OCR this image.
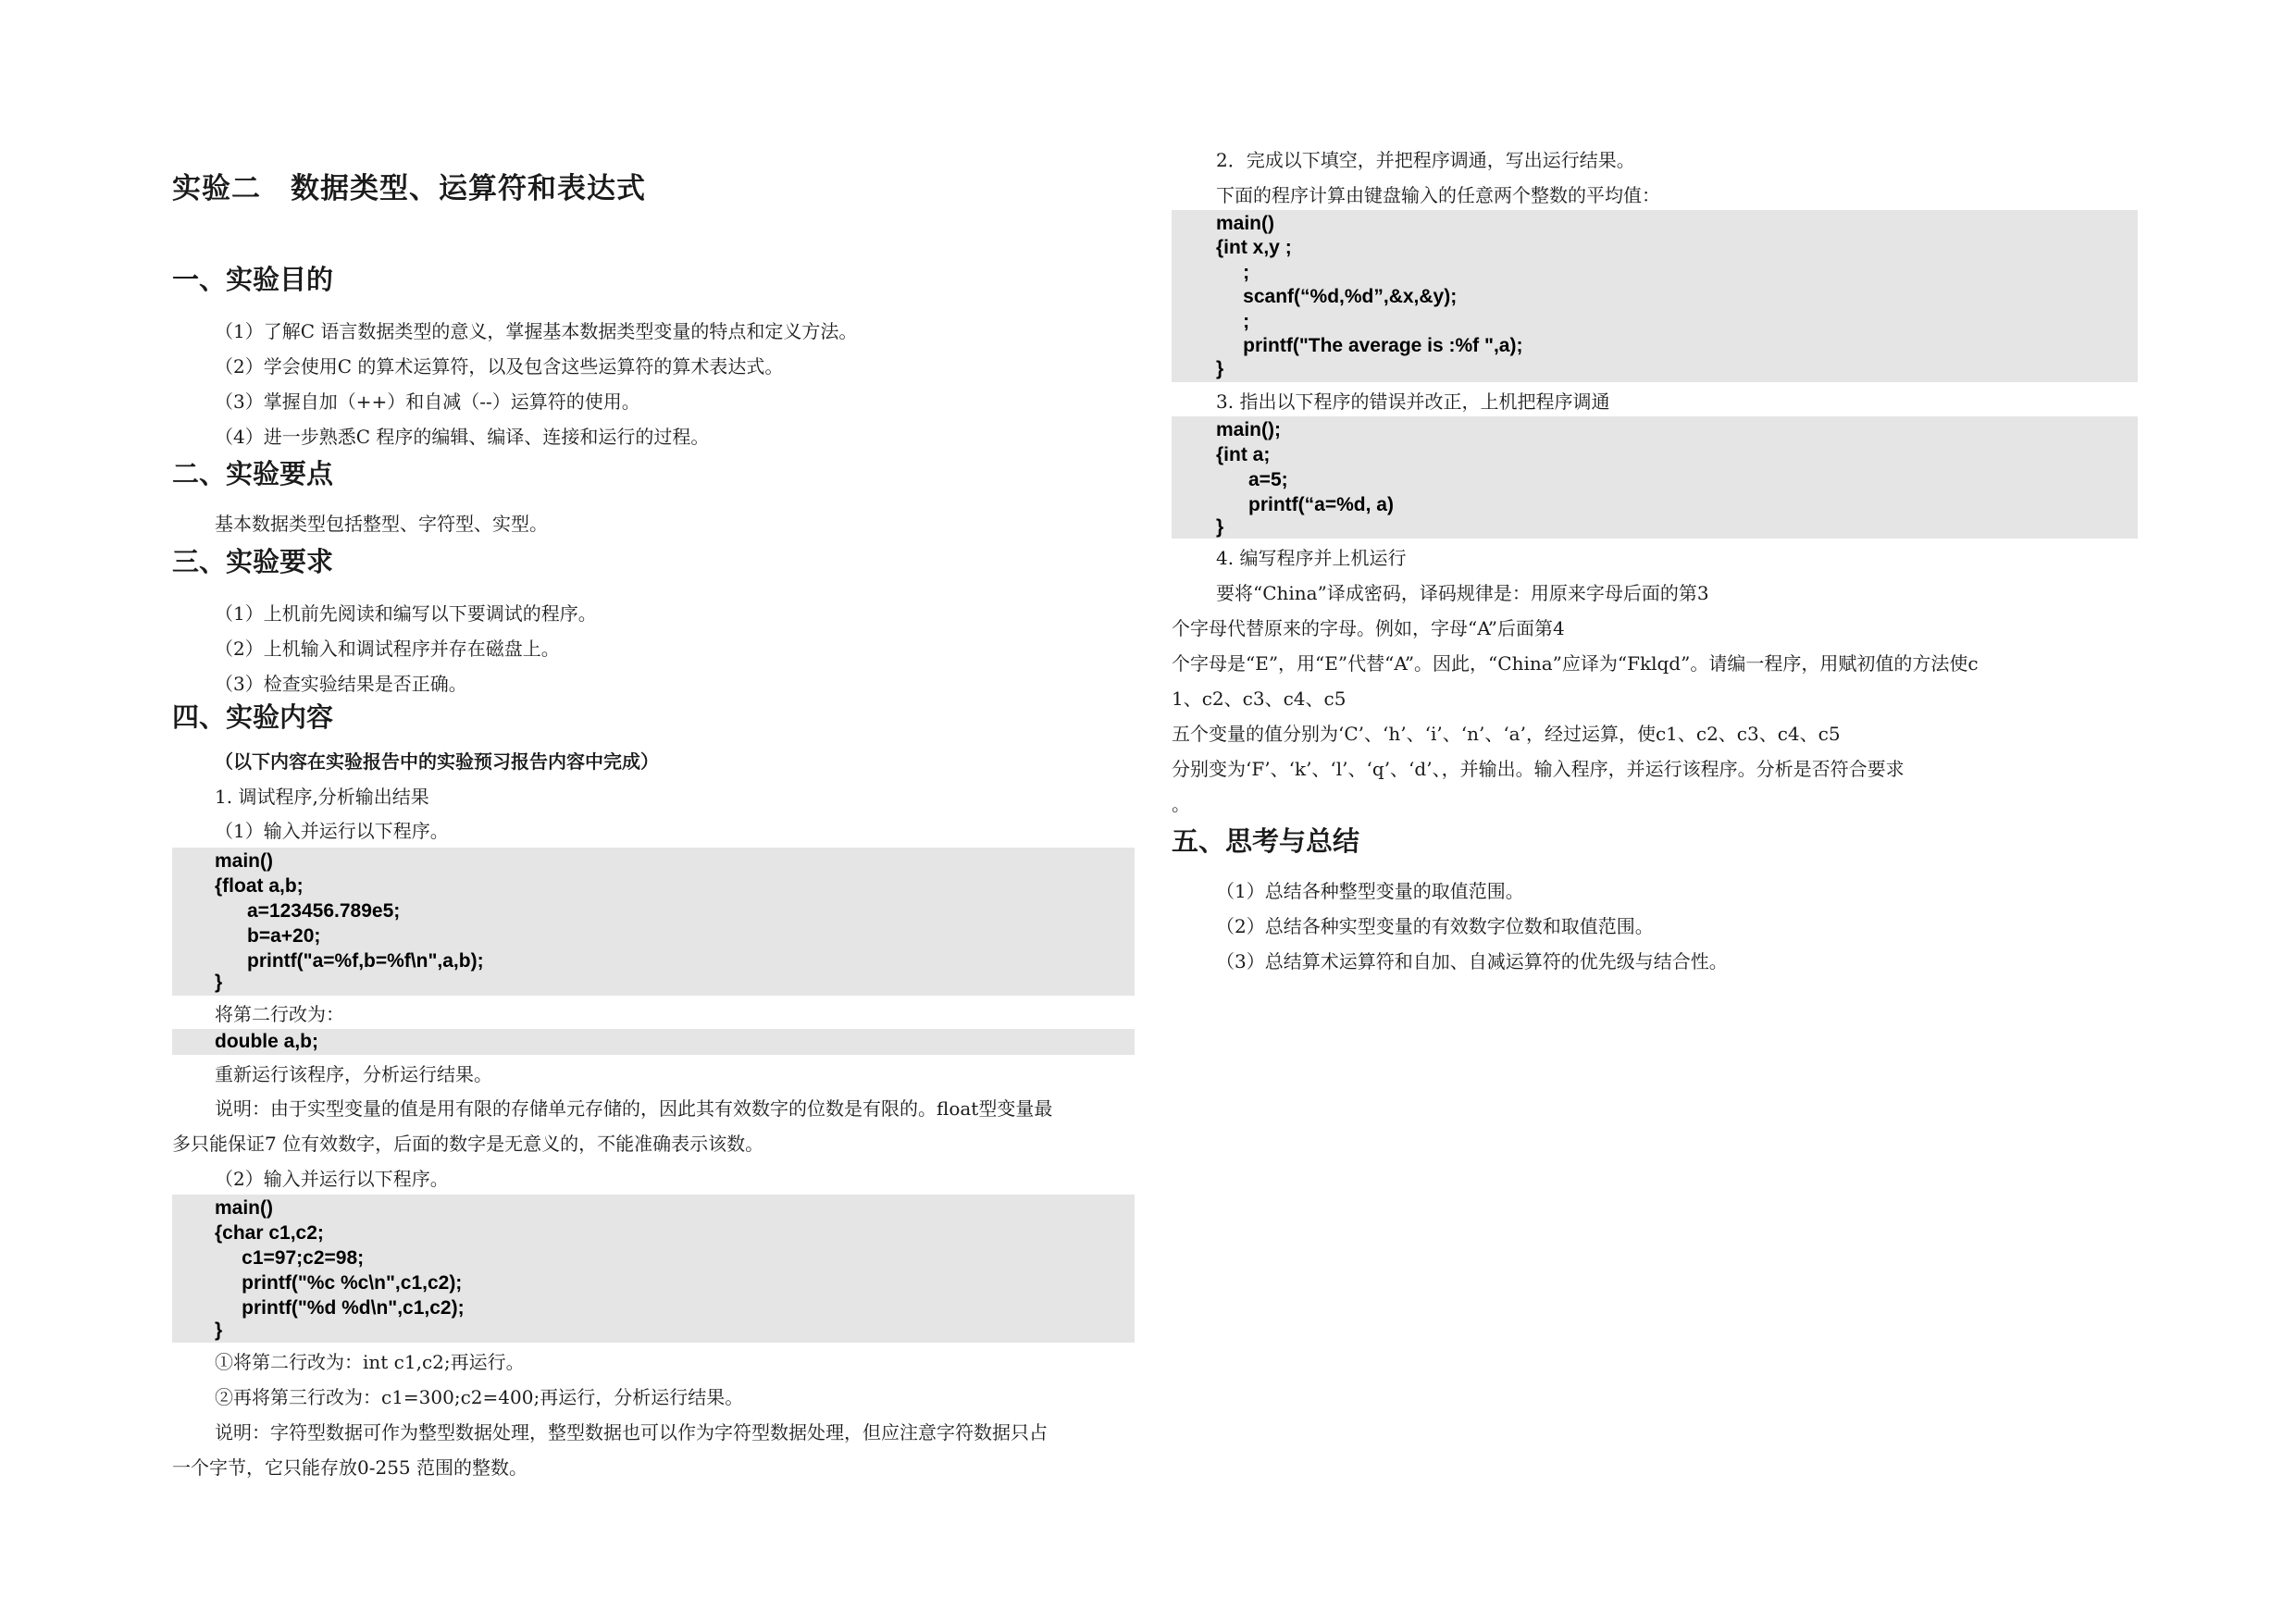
实验二　数据类型、运算符和表达式
一、实验目的

（1）了解C 语言数据类型的意义，掌握基本数据类型变量的特点和定义方法。

（2）学会使用C 的算术运算符，以及包含这些运算符的算术表达式。

（3）掌握自加（++）和自减（--）运算符的使用。

（4）进一步熟悉C 程序的编辑、编译、连接和运行的过程。

二、实验要点

基本数据类型包括整型、字符型、实型。

三、实验要求

（1）上机前先阅读和编写以下要调试的程序。

（2）上机输入和调试程序并存在磁盘上。

（3）检查实验结果是否正确。

四、实验内容

（以下内容在实验报告中的实验预习报告内容中完成）

1. 调试程序,分析输出结果

（1）输入并运行以下程序。

main()
{float a,b;
a=123456.789e5;
b=a+20;
printf("a=%f,b=%f\n",a,b);
}

将第二行改为：

double a,b;

重新运行该程序，分析运行结果。

说明：由于实型变量的值是用有限的存储单元存储的，因此其有效数字的位数是有限的。float型变量最

多只能保证7 位有效数字，后面的数字是无意义的，不能准确表示该数。

（2）输入并运行以下程序。

main()
{char c1,c2;
c1=97;c2=98;
printf("%c %c\n",c1,c2);
printf("%d %d\n",c1,c2);
}

①将第二行改为：int c1,c2;再运行。

②再将第三行改为：c1=300;c2=400;再运行，分析运行结果。

说明：字符型数据可作为整型数据处理，整型数据也可以作为字符型数据处理，但应注意字符数据只占

一个字节，它只能存放0-255 范围的整数。

2．完成以下填空，并把程序调通，写出运行结果。

下面的程序计算由键盘输入的任意两个整数的平均值：

main()
{int x,y ;
;
scanf(“%d,%d”,&x,&y);
;
printf("The average is :%f ",a);
}

3. 指出以下程序的错误并改正，上机把程序调通

main();
{int a;
a=5;
printf(“a=%d, a)
}

4. 编写程序并上机运行

要将“China”译成密码，译码规律是：用原来字母后面的第3

个字母代替原来的字母。例如，字母“A”后面第4

个字母是“E”，用“E”代替“A”。因此，“China”应译为“Fklqd”。请编一程序，用赋初值的方法使c

1、c2、c3、c4、c5

五个变量的值分别为‘C’、‘h’、‘i’、‘n’、‘a’，经过运算，使c1、c2、c3、c4、c5

分别变为‘F’、‘k’、‘l’、‘q’、‘d’、，并输出。输入程序，并运行该程序。分析是否符合要求

。

五、思考与总结

（1）总结各种整型变量的取值范围。

（2）总结各种实型变量的有效数字位数和取值范围。

（3）总结算术运算符和自加、自减运算符的优先级与结合性。
